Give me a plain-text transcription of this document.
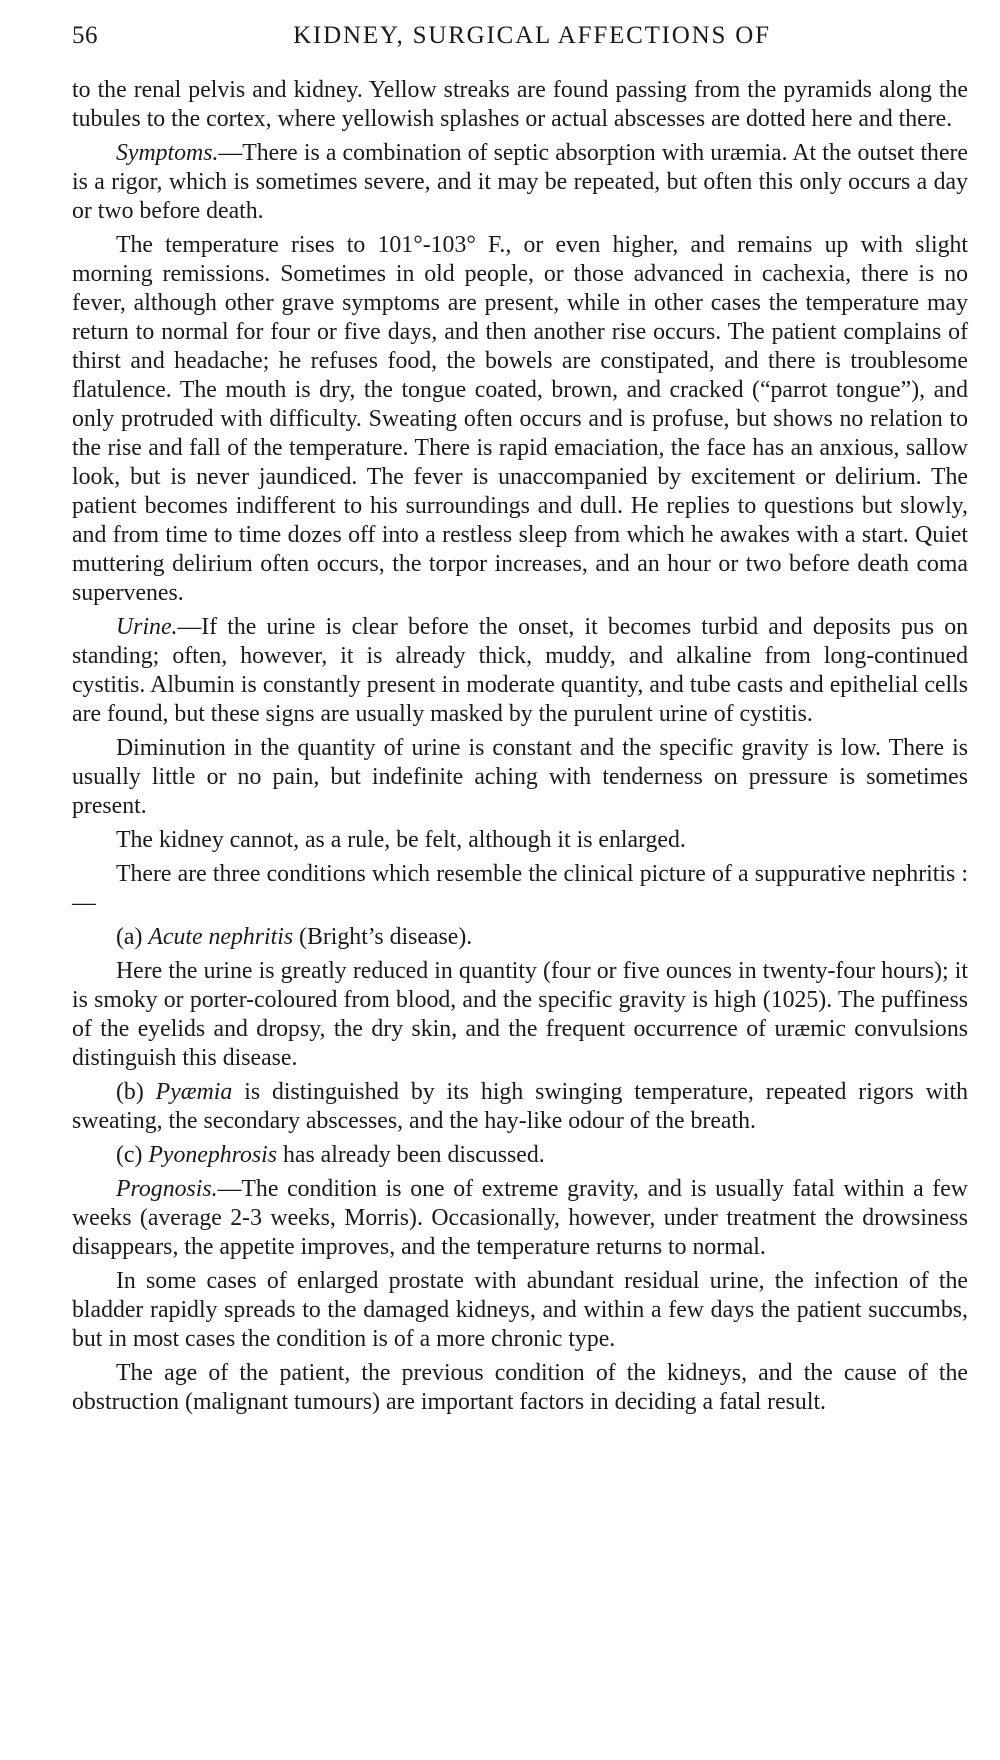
56	KIDNEY, SURGICAL AFFECTIONS OF

to the renal pelvis and kidney. Yellow streaks are found passing from the pyramids along the tubules to the cortex, where yellowish splashes or actual abscesses are dotted here and there.

Symptoms.—There is a combination of septic absorption with uræmia. At the outset there is a rigor, which is sometimes severe, and it may be repeated, but often this only occurs a day or two before death.

The temperature rises to 101°-103° F., or even higher, and remains up with slight morning remissions. Sometimes in old people, or those advanced in cachexia, there is no fever, although other grave symptoms are present, while in other cases the temperature may return to normal for four or five days, and then another rise occurs. The patient complains of thirst and headache; he refuses food, the bowels are constipated, and there is troublesome flatulence. The mouth is dry, the tongue coated, brown, and cracked (“parrot tongue”), and only protruded with difficulty. Sweating often occurs and is profuse, but shows no relation to the rise and fall of the temperature. There is rapid emaciation, the face has an anxious, sallow look, but is never jaundiced. The fever is unaccompanied by excitement or delirium. The patient becomes indifferent to his surroundings and dull. He replies to questions but slowly, and from time to time dozes off into a restless sleep from which he awakes with a start. Quiet muttering delirium often occurs, the torpor increases, and an hour or two before death coma supervenes.

Urine.—If the urine is clear before the onset, it becomes turbid and deposits pus on standing; often, however, it is already thick, muddy, and alkaline from long-continued cystitis. Albumin is constantly present in moderate quantity, and tube casts and epithelial cells are found, but these signs are usually masked by the purulent urine of cystitis.

Diminution in the quantity of urine is constant and the specific gravity is low. There is usually little or no pain, but indefinite aching with tenderness on pressure is sometimes present.

The kidney cannot, as a rule, be felt, although it is enlarged.

There are three conditions which resemble the clinical picture of a suppurative nephritis :—

(a) Acute nephritis (Bright’s disease).

Here the urine is greatly reduced in quantity (four or five ounces in twenty-four hours); it is smoky or porter-coloured from blood, and the specific gravity is high (1025). The puffiness of the eyelids and dropsy, the dry skin, and the frequent occurrence of uræmic convulsions distinguish this disease.

(b) Pyæmia is distinguished by its high swinging temperature, repeated rigors with sweating, the secondary abscesses, and the hay-like odour of the breath.

(c) Pyonephrosis has already been discussed.

Prognosis.—The condition is one of extreme gravity, and is usually fatal within a few weeks (average 2-3 weeks, Morris). Occasionally, however, under treatment the drowsiness disappears, the appetite improves, and the temperature returns to normal.

In some cases of enlarged prostate with abundant residual urine, the infection of the bladder rapidly spreads to the damaged kidneys, and within a few days the patient succumbs, but in most cases the condition is of a more chronic type.

The age of the patient, the previous condition of the kidneys, and the cause of the obstruction (malignant tumours) are important factors in deciding a fatal result.
